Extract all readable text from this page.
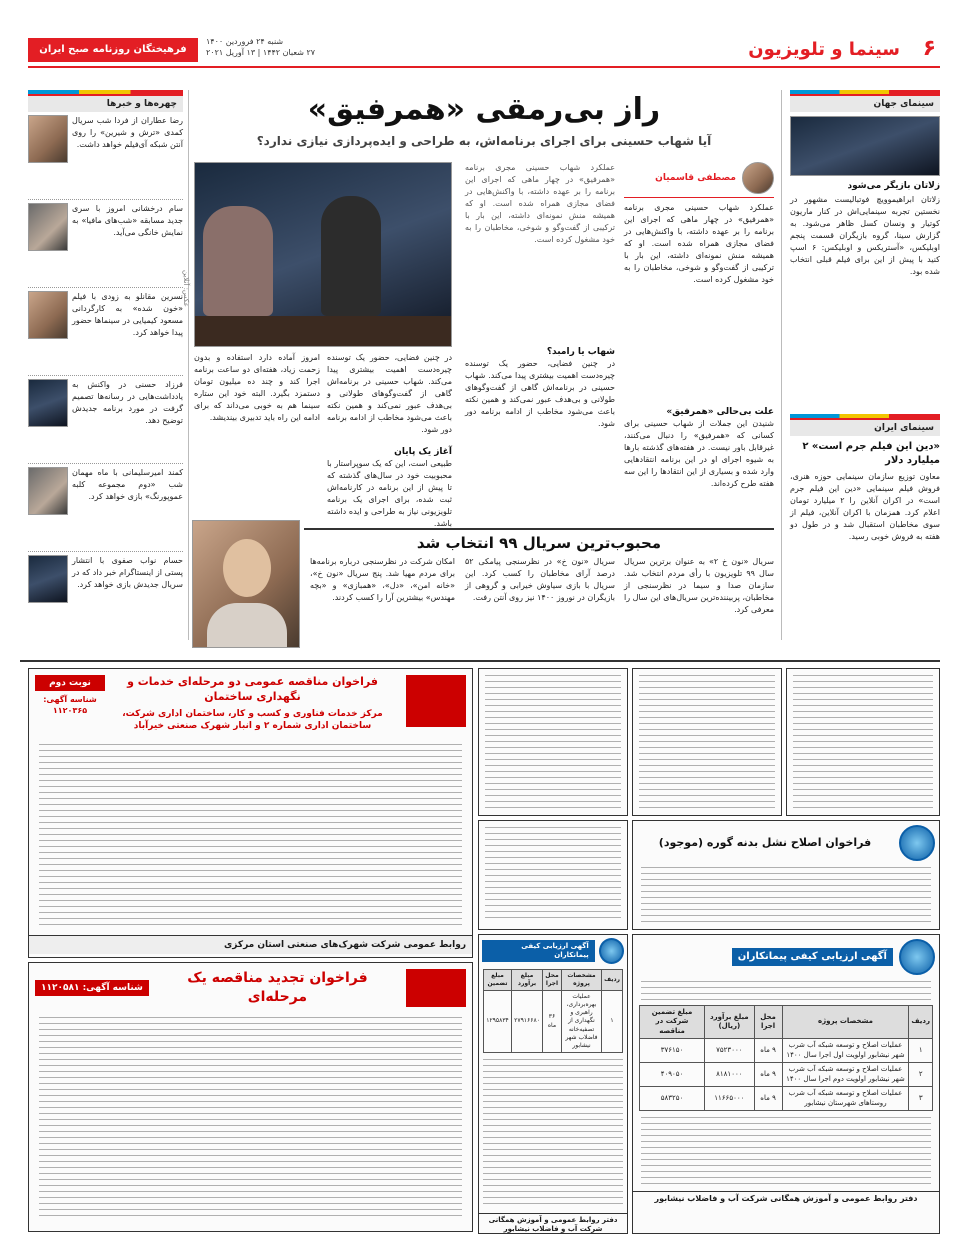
۶
سینما و تلویزیون
فرهیختگان روزنامه صبح ایران
شنبه ۲۴ فروردین ۱۴۰۰
۲۷ شعبان ۱۴۴۲ | ۱۳ آوریل ۲۰۲۱
سینمای جهان
زلاتان بازیگر می‌شود
زلاتان ابراهیموویچ فوتبالیست مشهور در نخستین تجربه سینمایی‌اش در کنار ماریون کوتیار و ونسان کسل ظاهر می‌شود. به گزارش سینا، گروه بازیگران قسمت پنجم اوبلیکس، «آستریکس و اوبلیکس: ۶ اسپ کنید با پیش از این برای فیلم قبلی انتخاب شده بود.
سینمای ایران
«دین این فیلم جرم است» ۲ میلیارد دلار
معاون توزیع سازمان سینمایی حوزه هنری، فروش فیلم سینمایی «دین این فیلم جرم است» در اکران آنلاین را ۲ میلیارد تومان اعلام کرد. همزمان با اکران آنلاین، فیلم از سوی مخاطبان استقبال شد و در طول دو هفته به فروش خوبی رسید.
راز بی‌رمقی «همرفیق»
آیا شهاب حسینی برای اجرای برنامه‌اش، به طراحی و ایده‌پردازی نیازی ندارد؟
مصطفی قاسمیان
عملکرد شهاب حسینی مجری برنامه «همرفیق» در چهار ماهی که اجرای این برنامه را بر عهده داشته، با واکنش‌هایی در فضای مجازی همراه شده است. او که همیشه منش نمونه‌ای داشته، این بار با ترکیبی از گفت‌وگو و شوخی، مخاطبان را به خود مشغول کرده است.
علت بی‌حالی «همرفیق»
شنیدن این جملات از شهاب حسینی برای کسانی که «همرفیق» را دنبال می‌کنند، غیرقابل باور نیست. در هفته‌های گذشته بارها به شیوه اجرای او در این برنامه انتقادهایی وارد شده و بسیاری از این انتقادها را این سه هفته طرح کرده‌اند.
عملکرد شهاب حسینی مجری برنامه «همرفیق» در چهار ماهی که اجرای این برنامه را بر عهده داشته، با واکنش‌هایی در فضای مجازی همراه شده است. او که همیشه منش نمونه‌ای داشته، این بار با ترکیبی از گفت‌وگو و شوخی، مخاطبان را به خود مشغول کرده است.
شهاب یا رامبد؟
در چنین فضایی، حضور یک توسنده چیره‌دست اهمیت بیشتری پیدا می‌کند. شهاب حسینی در برنامه‌اش گاهی از گفت‌وگوهای طولانی و بی‌هدف عبور نمی‌کند و همین نکته باعث می‌شود مخاطب از ادامه برنامه دور شود.
عکس: آنلاین
در چنین فضایی، حضور یک توسنده چیره‌دست اهمیت بیشتری پیدا می‌کند. شهاب حسینی در برنامه‌اش گاهی از گفت‌وگوهای طولانی و بی‌هدف عبور نمی‌کند و همین نکته باعث می‌شود مخاطب از ادامه برنامه دور شود.
آغاز یک پایان
طبیعی است، این که یک سوپراستار با محبوبیت خود در سال‌های گذشته که تا پیش از این برنامه در کارنامه‌اش ثبت شده، برای اجرای یک برنامه تلویزیونی نیاز به طراحی و ایده داشته باشد.
امروز آماده دارد استفاده و بدون زحمت زیاد، هفته‌ای دو ساعت برنامه اجرا کند و چند ده میلیون تومان دستمزد بگیرد. البته خود این ستاره سینما هم به خوبی می‌داند که برای ادامه این راه باید تدبیری بیندیشد.
محبوب‌ترین سریال ۹۹ انتخاب شد
سریال «نون خ ۲» به عنوان برترین سریال سال ۹۹ تلویزیون با رأی مردم انتخاب شد. سازمان صدا و سیما در نظرسنجی از مخاطبان، پربیننده‌ترین سریال‌های این سال را معرفی کرد.
سریال «نون خ» در نظرسنجی پیامکی ۵۲ درصد آرای مخاطبان را کسب کرد. این سریال با بازی سیاوش خیرابی و گروهی از بازیگران در نوروز ۱۴۰۰ نیز روی آنتن رفت.
امکان شرکت در نظرسنجی درباره برنامه‌ها برای مردم مهیا شد. پنج سریال «نون خ»، «خانه امن»، «دل»، «همبازی» و «بچه مهندس» بیشترین آرا را کسب کردند.
چهره‌ها و خبرها
رضا عطاران از فردا شب سریال کمدی «ترش و شیرین» را روی آنتن شبکه آی‌فیلم خواهد داشت.
سام درخشانی امروز با سری جدید مسابقه «شب‌های مافیا» به نمایش خانگی می‌آید.
نسرین مقانلو به زودی با فیلم «خون شده» به کارگردانی مسعود کیمیایی در سینماها حضور پیدا خواهد کرد.
فرزاد حسنی در واکنش به یادداشت‌هایی در رسانه‌ها تصمیم گرفت در مورد برنامه جدیدش توضیح دهد.
کمند امیرسلیمانی با ماه مهمان شب «دوم مجموعه کلبه عموپورنگ» بازی خواهد کرد.
حسام نواب صفوی با انتشار پستی از اینستاگرام خبر داد که در سریال جدیدش بازی خواهد کرد.
فراخوان مناقصه عمومی دو مرحله‌ای خدمات و نگهداری ساختمان
مرکز خدمات فناوری و کسب و کار، ساختمان اداری شرکت، ساختمان اداری شماره ۲ و انبار شهرک صنعتی خیرآباد
نوبت دوم
شناسه آگهی: ۱۱۲۰۳۶۵
روابط عمومی شرکت شهرک‌های صنعتی استان مرکزی
فراخوان تجدید مناقصه یک مرحله‌ای
شناسه آگهی: ۱۱۲۰۵۸۱
فراخوان اصلاح نشل بدنه گوره (موجود)
آگهی ارزیابی کیفی پیمانکاران
ردیف	مشخصات پروژه	محل اجرا	مبلغ برآورد (ریال)	مبلغ تضمین شرکت در مناقصه
۱	عملیات اصلاح و توسعه شبکه آب شرب شهر نیشابور اولویت اول اجرا سال ۱۴۰۰	۹ ماه	۷۵۲۳۰۰۰	۳۷۶۱۵۰
۲	عملیات اصلاح و توسعه شبکه آب شرب شهر نیشابور اولویت دوم اجرا سال ۱۴۰۰	۹ ماه	۸۱۸۱۰۰۰	۴۰۹۰۵۰
۳	عملیات اصلاح و توسعه شبکه آب شرب روستاهای شهرستان نیشابور	۹ ماه	۱۱۶۶۵۰۰۰	۵۸۳۲۵۰
دفتر روابط عمومی و آموزش همگانی شرکت آب و فاضلاب نیشابور
آگهی ارزیابی کیفی پیمانکاران
ردیف	مشخصات پروژه	محل اجرا	مبلغ برآورد	مبلغ تضمین
۱	عملیات بهره‌برداری، راهبری و نگهداری از تصفیه‌خانه فاضلاب شهر نیشابور	۳۶ ماه	۲۷۹۱۶۶۸۰	۱۲۹۵۸۳۴
دفتر روابط عمومی و آموزش همگانی شرکت آب و فاضلاب نیشابور
